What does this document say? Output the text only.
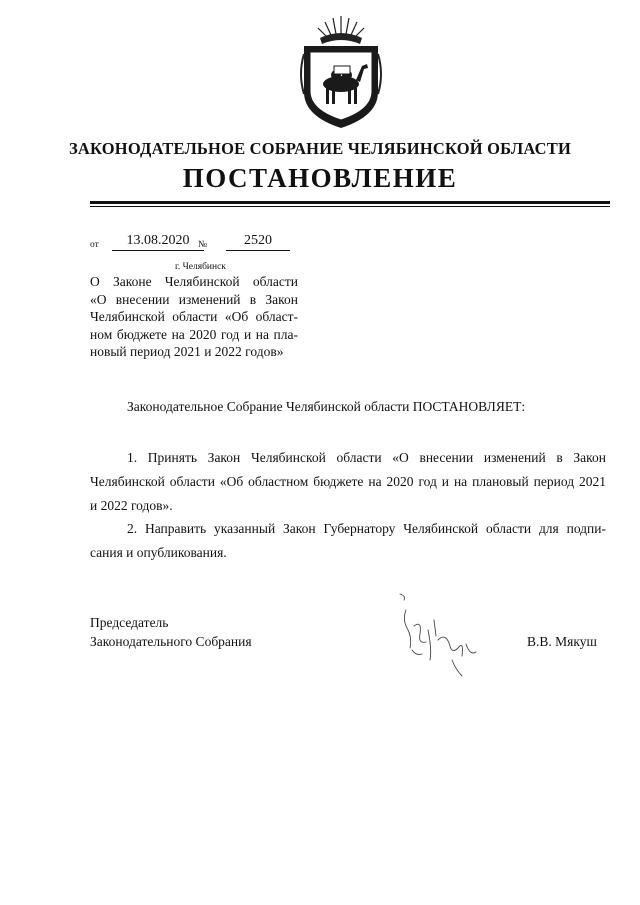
ЗАКОНОДАТЕЛЬНОЕ СОБРАНИЕ ЧЕЛЯБИНСКОЙ ОБЛАСТИ
ПОСТАНОВЛЕНИЕ
от	13.08.2020 №	2520
г. Челябинск
О Законе Челябинской области
«О внесении изменений в Закон
Челябинской области «Об област-
ном бюджете на 2020 год и на пла-
новый период 2021 и 2022 годов»
Законодательное Собрание Челябинской области ПОСТАНОВЛЯЕТ:
1. Принять Закон Челябинской области «О внесении изменений в Закон
Челябинской области «Об областном бюджете на 2020 год и на плановый период 2021
и 2022 годов».
2. Направить указанный Закон Губернатору Челябинской области для подпи-
сания и опубликования.
Председатель
Законодательного Собрания	В.В. Мякуш
